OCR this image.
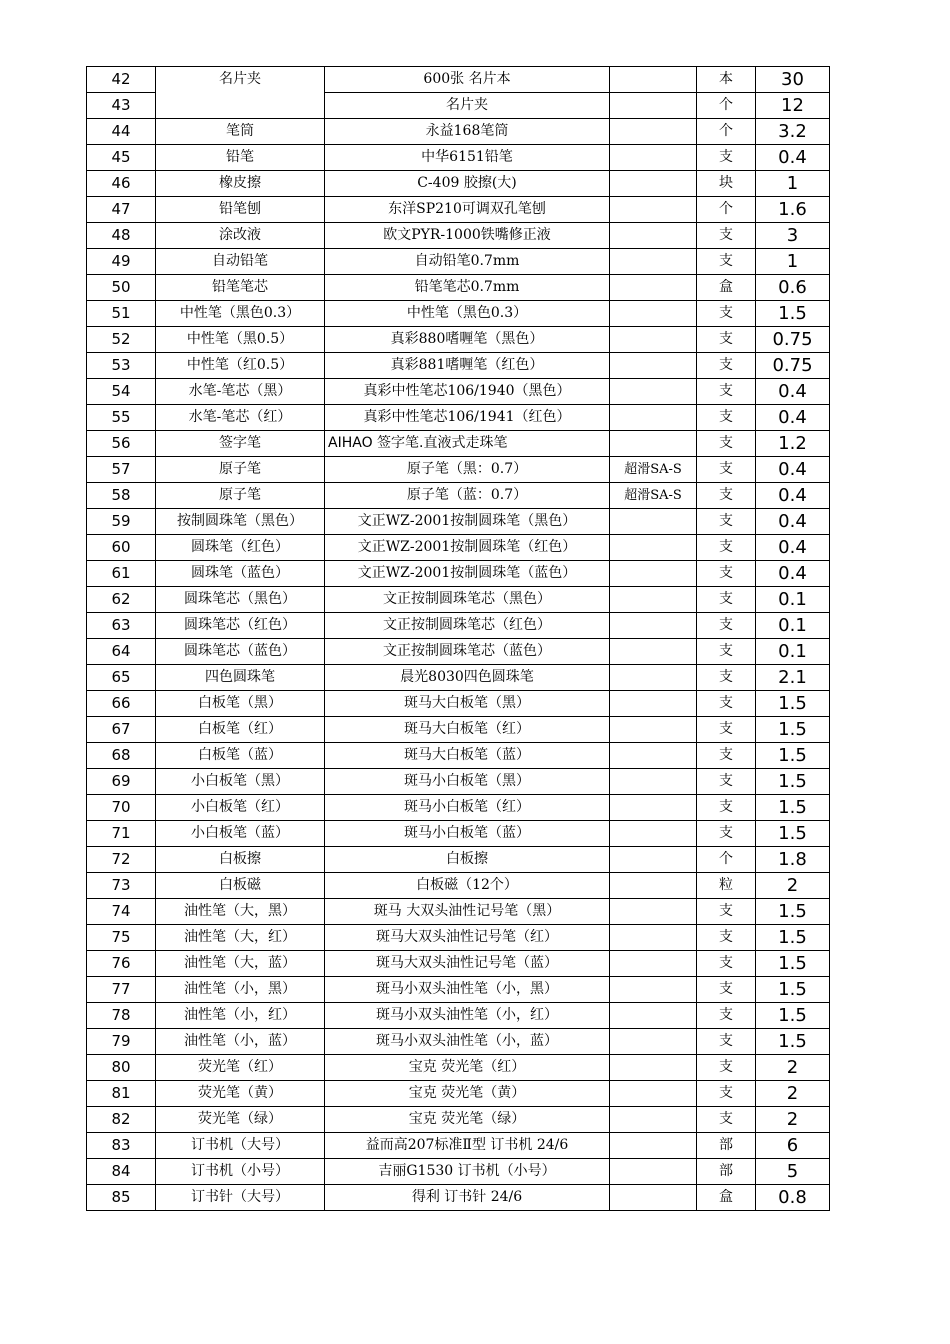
42	名片夹	600张 名片本		本	30
43		名片夹		个	12
44	笔筒	永益168笔筒		个	3.2
45	铅笔	中华6151铅笔		支	0.4
46	橡皮擦	C-409 胶擦(大)		块	1
47	铅笔刨	东洋SP210可调双孔笔刨		个	1.6
48	涂改液	欧文PYR-1000铁嘴修正液		支	3
49	自动铅笔	自动铅笔0.7mm		支	1
50	铅笔笔芯	铅笔笔芯0.7mm		盒	0.6
51	中性笔（黑色0.3）	中性笔（黑色0.3）		支	1.5
52	中性笔（黑0.5）	真彩880嗜喱笔（黑色）		支	0.75
53	中性笔（红0.5）	真彩881嗜喱笔（红色）		支	0.75
54	水笔-笔芯（黑）	真彩中性笔芯106/1940（黑色）		支	0.4
55	水笔-笔芯（红）	真彩中性笔芯106/1941（红色）		支	0.4
56	签字笔	AIHAO 签字笔.直液式走珠笔		支	1.2
57	原子笔	原子笔（黑：0.7）	超滑SA-S	支	0.4
58	原子笔	原子笔（蓝：0.7）	超滑SA-S	支	0.4
59	按制圆珠笔（黑色）	文正WZ-2001按制圆珠笔（黑色）		支	0.4
60	圆珠笔（红色）	文正WZ-2001按制圆珠笔（红色）		支	0.4
61	圆珠笔（蓝色）	文正WZ-2001按制圆珠笔（蓝色）		支	0.4
62	圆珠笔芯（黑色）	文正按制圆珠笔芯（黑色）		支	0.1
63	圆珠笔芯（红色）	文正按制圆珠笔芯（红色）		支	0.1
64	圆珠笔芯（蓝色）	文正按制圆珠笔芯（蓝色）		支	0.1
65	四色圆珠笔	晨光8030四色圆珠笔		支	2.1
66	白板笔（黑）	斑马大白板笔（黑）		支	1.5
67	白板笔（红）	斑马大白板笔（红）		支	1.5
68	白板笔（蓝）	斑马大白板笔（蓝）		支	1.5
69	小白板笔（黑）	斑马小白板笔（黑）		支	1.5
70	小白板笔（红）	斑马小白板笔（红）		支	1.5
71	小白板笔（蓝）	斑马小白板笔（蓝）		支	1.5
72	白板擦	白板擦		个	1.8
73	白板磁	白板磁（12个）		粒	2
74	油性笔（大，黑）	斑马 大双头油性记号笔（黑）		支	1.5
75	油性笔（大，红）	斑马大双头油性记号笔（红）		支	1.5
76	油性笔（大，蓝）	斑马大双头油性记号笔（蓝）		支	1.5
77	油性笔（小，黑）	斑马小双头油性笔（小，黑）		支	1.5
78	油性笔（小，红）	斑马小双头油性笔（小，红）		支	1.5
79	油性笔（小，蓝）	斑马小双头油性笔（小，蓝）		支	1.5
80	荧光笔（红）	宝克 荧光笔（红）		支	2
81	荧光笔（黄）	宝克 荧光笔（黄）		支	2
82	荧光笔（绿）	宝克 荧光笔（绿）		支	2
83	订书机（大号）	益而高207标准Ⅱ型 订书机 24/6		部	6
84	订书机（小号）	吉丽G1530 订书机（小号）		部	5
85	订书针（大号）	得利 订书针 24/6		盒	0.8
